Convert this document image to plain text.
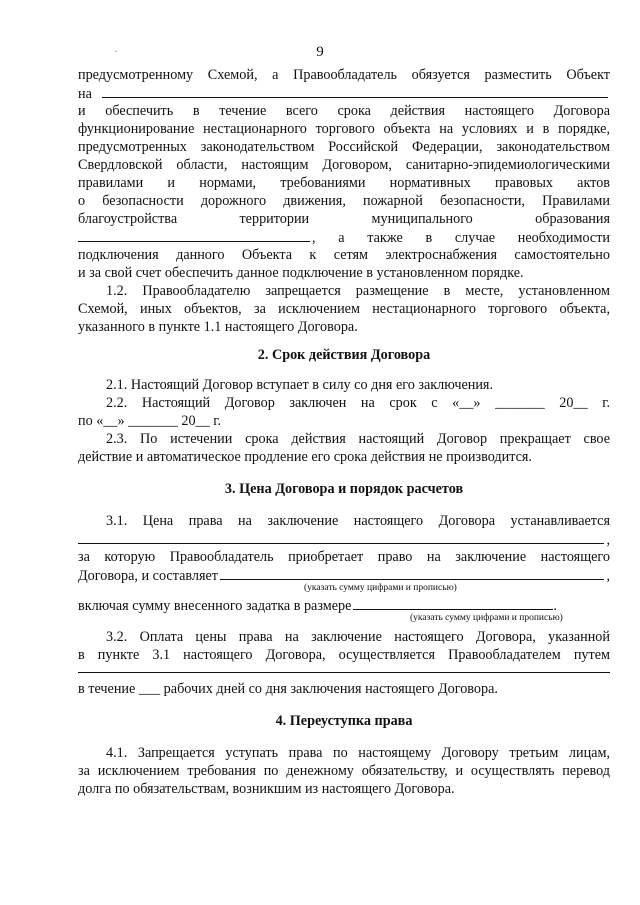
·	9
предусмотренному Схемой, а Правообладатель обязуется разместить Объект
на
и обеспечить в течение всего срока действия настоящего Договора
функционирование нестационарного торгового объекта на условиях и в порядке,
предусмотренных законодательством Российской Федерации, законодательством
Свердловской области, настоящим Договором, санитарно-эпидемиологическими
правилами и нормами, требованиями нормативных правовых актов
о безопасности дорожного движения, пожарной безопасности, Правилами
благоустройства территории муниципального образования
, а также в случае необходимости
подключения данного Объекта к сетям электроснабжения самостоятельно
и за свой счет обеспечить данное подключение в установленном порядке.
1.2. Правообладателю запрещается размещение в месте, установленном
Схемой, иных объектов, за исключением нестационарного торгового объекта,
указанного в пункте 1.1 настоящего Договора.
2. Срок действия Договора
2.1. Настоящий Договор вступает в силу со дня его заключения.
2.2. Настоящий Договор заключен на срок с «__» _______ 20__ г.
по «__» _______ 20__ г.
2.3. По истечении срока действия настоящий Договор прекращает свое
действие и автоматическое продление его срока действия не производится.
3. Цена Договора и порядок расчетов
3.1. Цена права на заключение настоящего Договора устанавливается
,
за которую Правообладатель приобретает право на заключение настоящего
Договора, и составляет	,
(указать сумму цифрами и прописью)
включая сумму внесенного задатка в размере	.
(указать сумму цифрами и прописью)
3.2. Оплата цены права на заключение настоящего Договора, указанной
в пункте 3.1 настоящего Договора, осуществляется Правообладателем путем
в течение ___ рабочих дней со дня заключения настоящего Договора.
4. Переуступка права
4.1. Запрещается уступать права по настоящему Договору третьим лицам,
за исключением требования по денежному обязательству, и осуществлять перевод
долга по обязательствам, возникшим из настоящего Договора.
